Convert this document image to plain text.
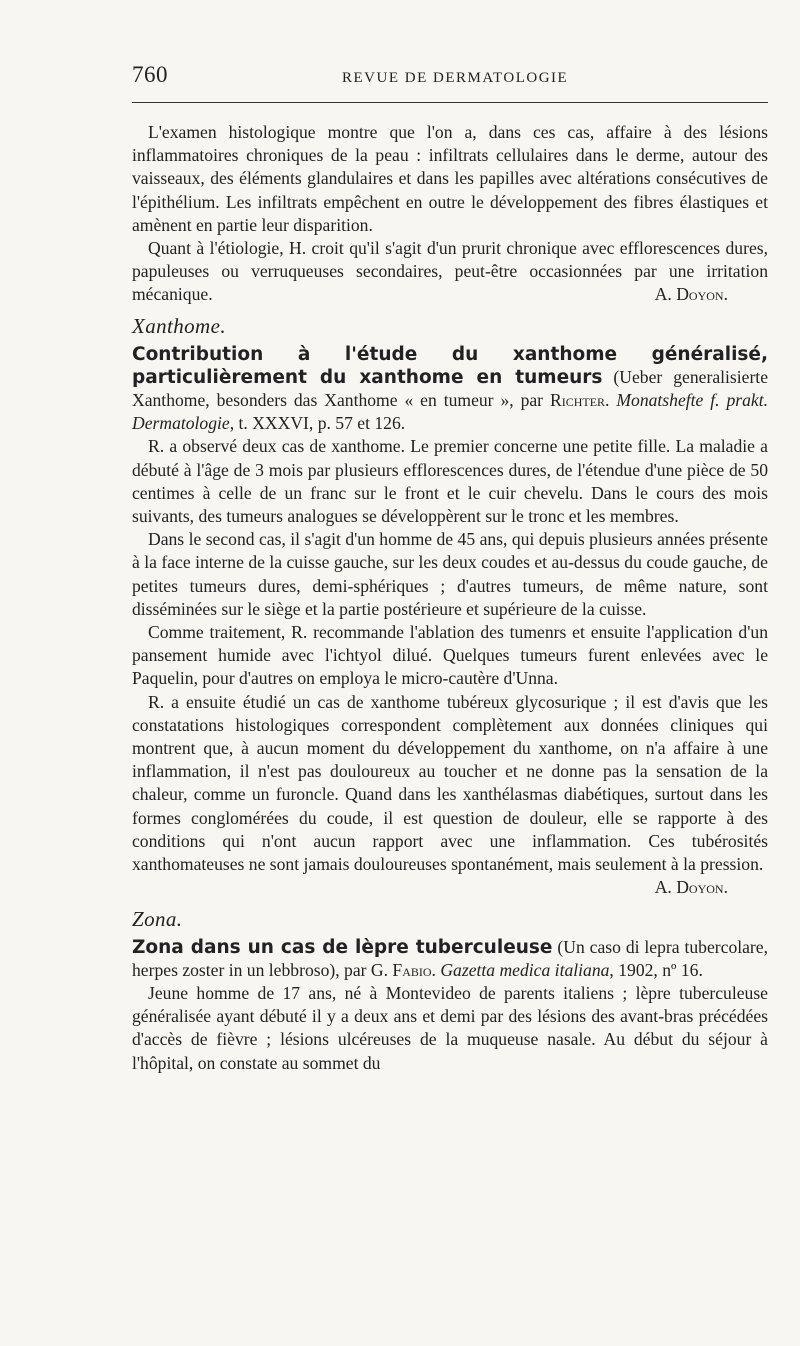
760	REVUE DE DERMATOLOGIE

L'examen histologique montre que l'on a, dans ces cas, affaire à des lésions inflammatoires chroniques de la peau : infiltrats cellulaires dans le derme, autour des vaisseaux, des éléments glandulaires et dans les papilles avec altérations consécutives de l'épithélium. Les infiltrats empêchent en outre le développement des fibres élastiques et amènent en partie leur disparition.

Quant à l'étiologie, H. croit qu'il s'agit d'un prurit chronique avec efflorescences dures, papuleuses ou verruqueuses secondaires, peut-être occasionnées par une irritation mécanique.	A. Doyon.

Xanthome.

Contribution à l'étude du xanthome généralisé, particulièrement du xanthome en tumeurs (Ueber generalisierte Xanthome, besonders das Xanthome « en tumeur », par Richter. Monatshefte f. prakt. Dermatologie, t. XXXVI, p. 57 et 126.

R. a observé deux cas de xanthome. Le premier concerne une petite fille. La maladie a débuté à l'âge de 3 mois par plusieurs efflorescences dures, de l'étendue d'une pièce de 50 centimes à celle de un franc sur le front et le cuir chevelu. Dans le cours des mois suivants, des tumeurs analogues se développèrent sur le tronc et les membres.

Dans le second cas, il s'agit d'un homme de 45 ans, qui depuis plusieurs années présente à la face interne de la cuisse gauche, sur les deux coudes et au-dessus du coude gauche, de petites tumeurs dures, demi-sphériques ; d'autres tumeurs, de même nature, sont disséminées sur le siège et la partie postérieure et supérieure de la cuisse.

Comme traitement, R. recommande l'ablation des tumenrs et ensuite l'application d'un pansement humide avec l'ichtyol dilué. Quelques tumeurs furent enlevées avec le Paquelin, pour d'autres on employa le micro-cautère d'Unna.

R. a ensuite étudié un cas de xanthome tubéreux glycosurique ; il est d'avis que les constatations histologiques correspondent complètement aux données cliniques qui montrent que, à aucun moment du développement du xanthome, on n'a affaire à une inflammation, il n'est pas douloureux au toucher et ne donne pas la sensation de la chaleur, comme un furoncle. Quand dans les xanthélasmas diabétiques, surtout dans les formes conglomérées du coude, il est question de douleur, elle se rapporte à des conditions qui n'ont aucun rapport avec une inflammation. Ces tubérosités xanthomateuses ne sont jamais douloureuses spontanément, mais seulement à la pression.
A. Doyon.

Zona.

Zona dans un cas de lèpre tuberculeuse (Un caso di lepra tubercolare, herpes zoster in un lebbroso), par G. Fabio. Gazetta medica italiana, 1902, nº 16.

Jeune homme de 17 ans, né à Montevideo de parents italiens ; lèpre tuberculeuse généralisée ayant débuté il y a deux ans et demi par des lésions des avant-bras précédées d'accès de fièvre ; lésions ulcéreuses de la muqueuse nasale. Au début du séjour à l'hôpital, on constate au sommet du
